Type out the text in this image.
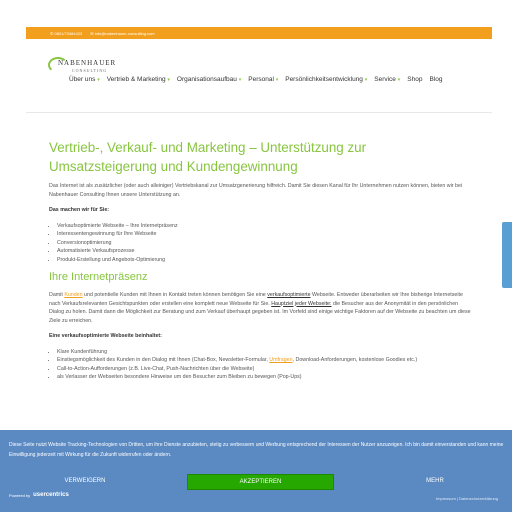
✆ 0801/73484423 ✉ info@nabenhauer-consulting.com
NABENHAUER
CONSULTING
Über uns ▾ Vertrieb & Marketing ▾ Organisationsaufbau ▾ Personal ▾ Persönlichkeitsentwicklung ▾ Service ▾ Shop Blog
Vertrieb-, Verkauf- und Marketing – Unterstützung zur Umsatzsteigerung und Kundengewinnung

Das Internet ist als zusätzlicher (oder auch alleiniger) Vertriebskanal zur Umsatzgenerierung hilfreich. Damit Sie diesen Kanal für Ihr Unternehmen nutzen können, bieten wir bei Nabenhauer Consulting Ihnen unsere Unterstützung an.

Das machen wir für Sie:

• Verkaufsoptimierte Webseite – Ihre Internetpräsenz
• Interessentengewinnung für Ihre Webseite
• Conversionoptimierung
• Automatisierte Verkaufsprozesse
• Produkt-Erstellung und Angebots-Optimierung
Ihre Internetpräsenz

Damit Kunden und potentielle Kunden mit Ihnen in Kontakt treten können benötigen Sie eine verkaufsoptimierte Webseite. Entweder überarbeiten wir Ihre bisherige Internetseite nach Verkaufsrelevanten Gesichtspunkten oder erstellen eine komplett neue Webseite für Sie. Hauptziel jeder Webseite: die Besucher aus der Anonymität in den persönlichen Dialog zu holen. Damit dann die Möglichkeit zur Beratung und zum Verkauf überhaupt gegeben ist. Im Vorfeld sind einige wichtige Faktoren auf der Webseite zu beachten um diese Ziele zu erreichen.

Eine verkaufsoptimierte Webseite beinhaltet:

• Klare Kundenführung
• Einstiegsmöglichkeit des Kunden in den Dialog mit Ihnen (Chat-Box, Newsletter-Formular, Umfragen, Download-Anforderungen, kostenlose Goodies etc.)
• Call-to-Action-Aufforderungen (z.B. Live-Chat, Push-Nachrichten über die Webseite)
• als Verlasser der Webseiten besondere Hinweise um den Besucher zum Bleiben zu bewegen (Pop-Ups)
Diese Seite nutzt Website Tracking-Technologien von Dritten, um ihre Dienste anzubieten, stetig zu verbessern und Werbung entsprechend der Interessen der Nutzer anzuzeigen. Ich bin damit einverstanden und kann meine Einwilligung jederzeit mit Wirkung für die Zukunft widerrufen oder ändern.
VERWEIGERN	AKZEPTIEREN	MEHR
Powered by usercentrics
Impressum | Datenschutzerklärung
